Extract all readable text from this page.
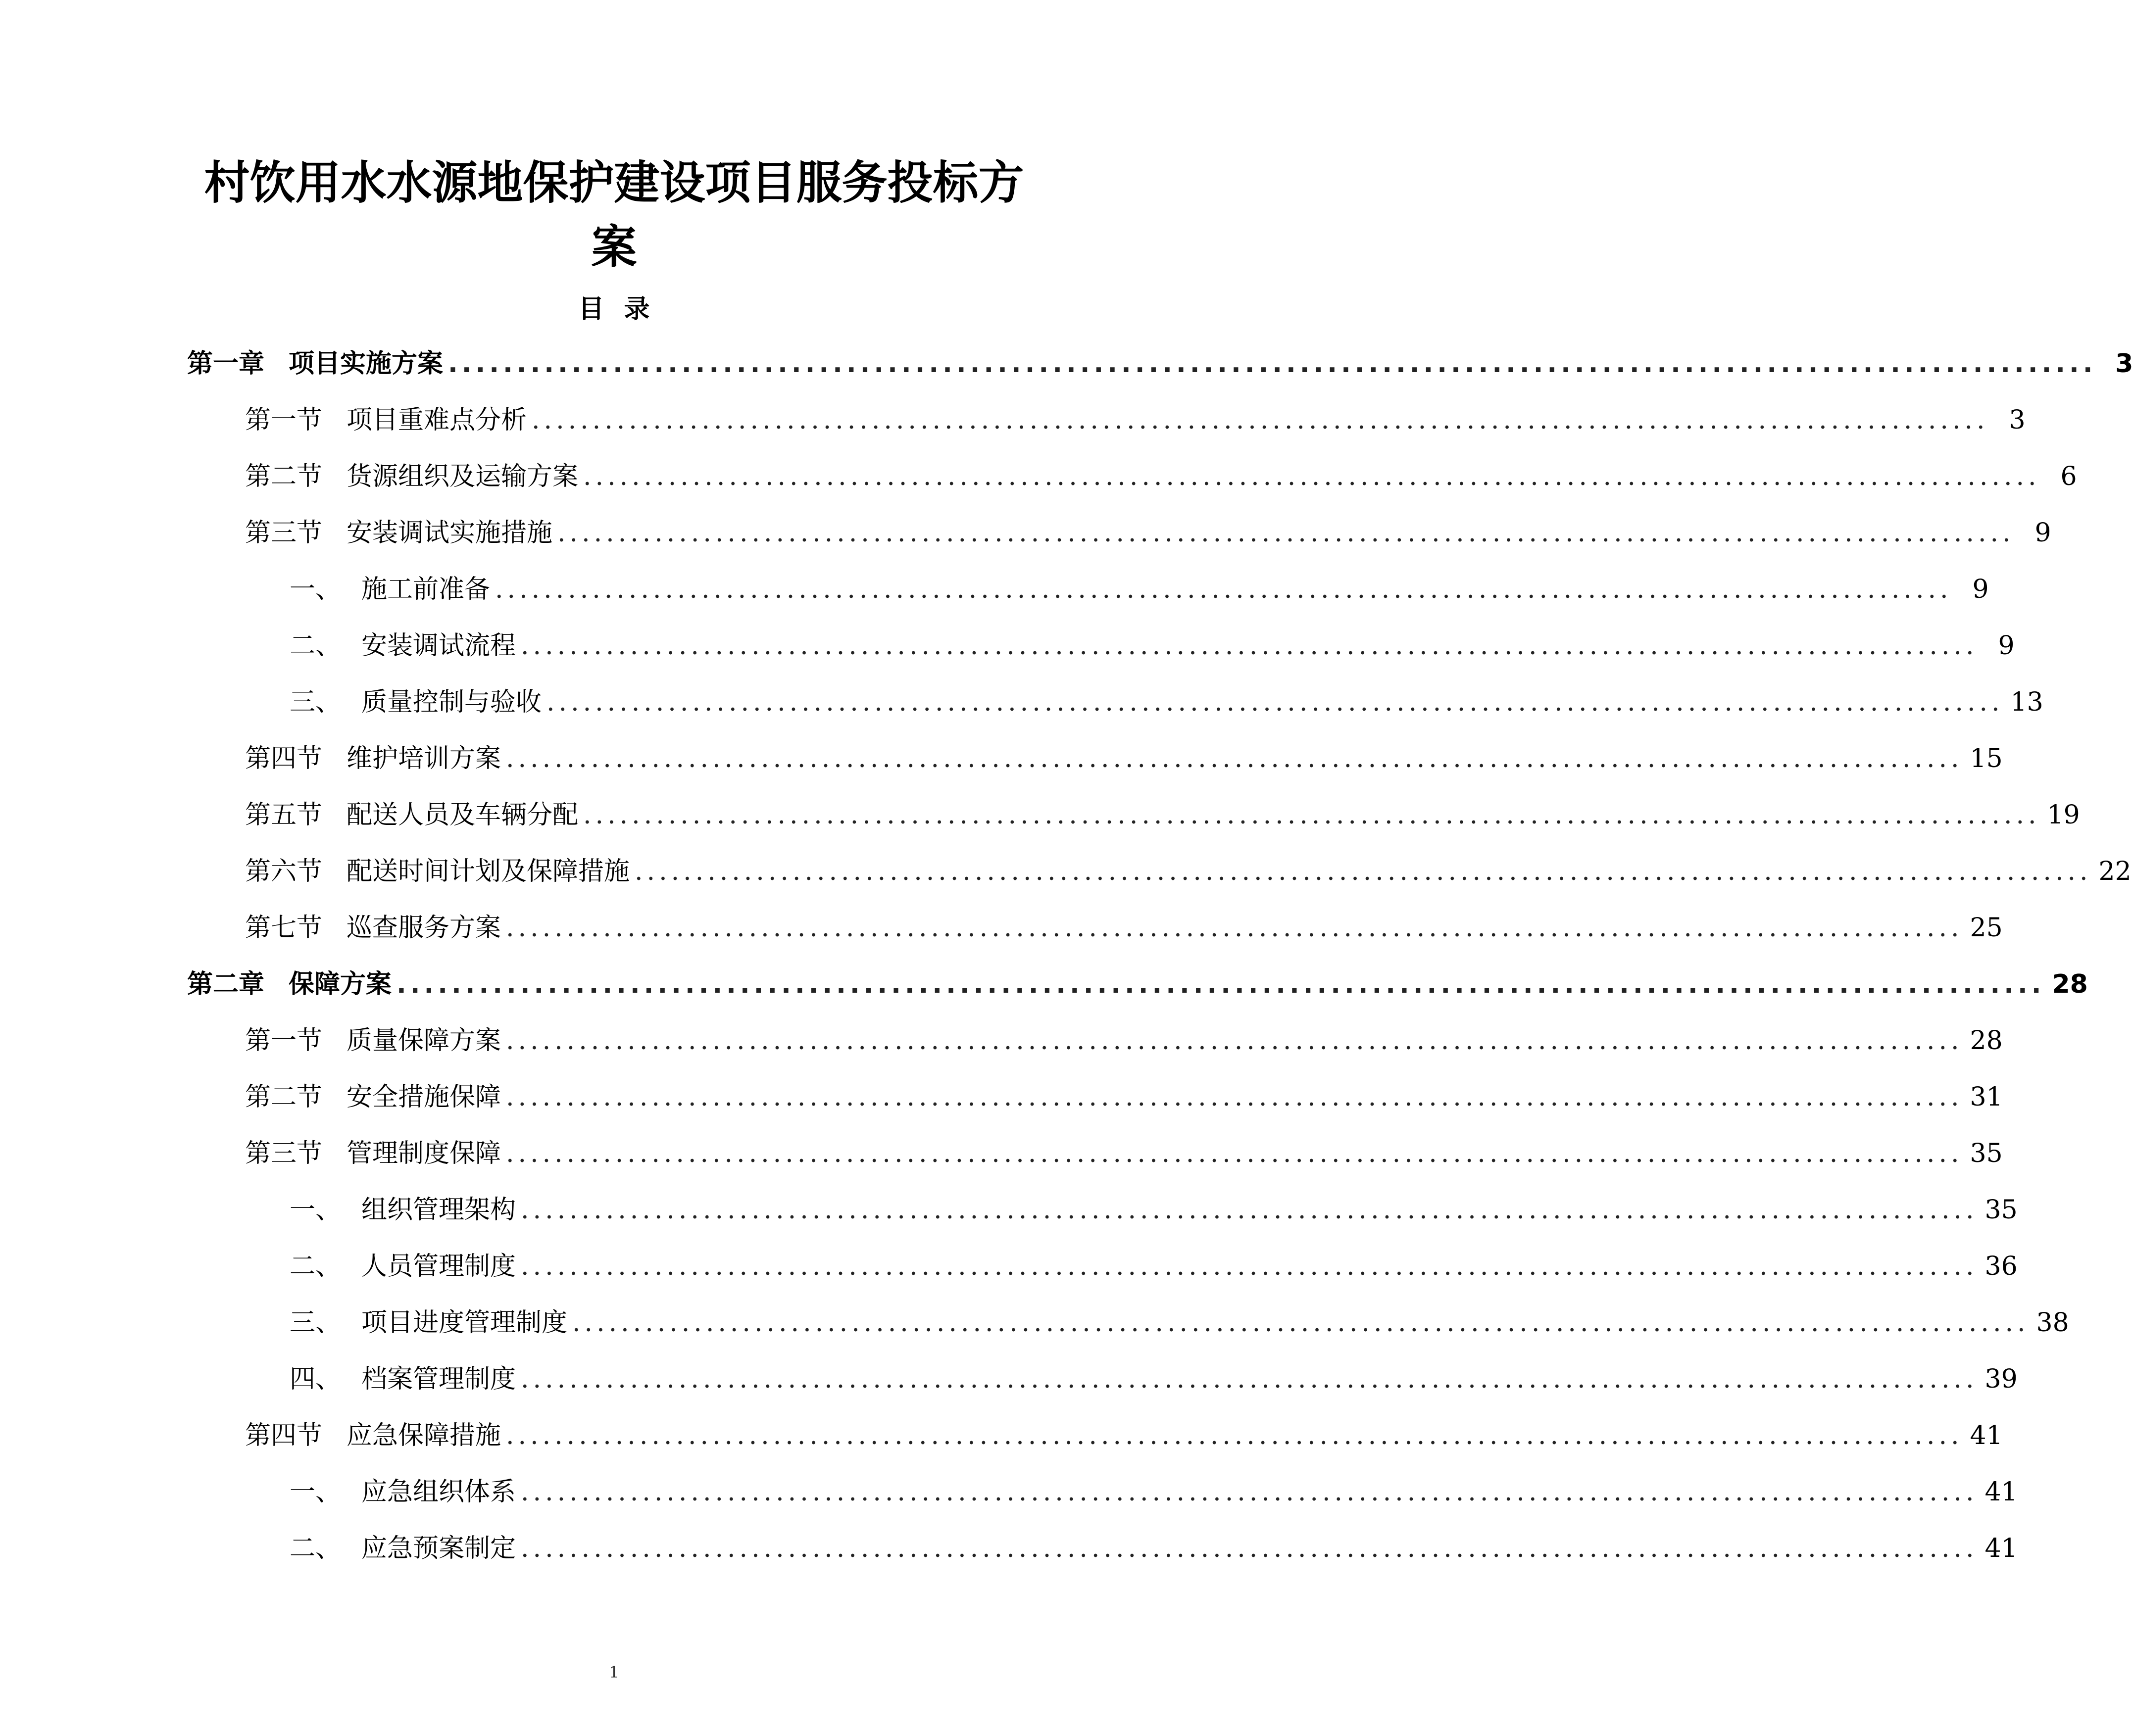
村饮用水水源地保护建设项目服务投标方
案
目录
第一章 项目实施方案 ........................................................................................................................ 3
第一节 项目重难点分析 ........................................................................................................................ 3
第二节 货源组织及运输方案 ........................................................................................................................ 6
第三节 安装调试实施措施 ........................................................................................................................ 9
一、 施工前准备 ........................................................................................................................ 9
二、 安装调试流程 ........................................................................................................................ 9
三、 质量控制与验收 ........................................................................................................................ 13
第四节 维护培训方案 ........................................................................................................................ 15
第五节 配送人员及车辆分配 ........................................................................................................................ 19
第六节 配送时间计划及保障措施 ........................................................................................................................ 22
第七节 巡查服务方案 ........................................................................................................................ 25
第二章 保障方案 ........................................................................................................................ 28
第一节 质量保障方案 ........................................................................................................................ 28
第二节 安全措施保障 ........................................................................................................................ 31
第三节 管理制度保障 ........................................................................................................................ 35
一、 组织管理架构 ........................................................................................................................ 35
二、 人员管理制度 ........................................................................................................................ 36
三、 项目进度管理制度 ........................................................................................................................ 38
四、 档案管理制度 ........................................................................................................................ 39
第四节 应急保障措施 ........................................................................................................................ 41
一、 应急组织体系 ........................................................................................................................ 41
二、 应急预案制定 ........................................................................................................................ 41
1
